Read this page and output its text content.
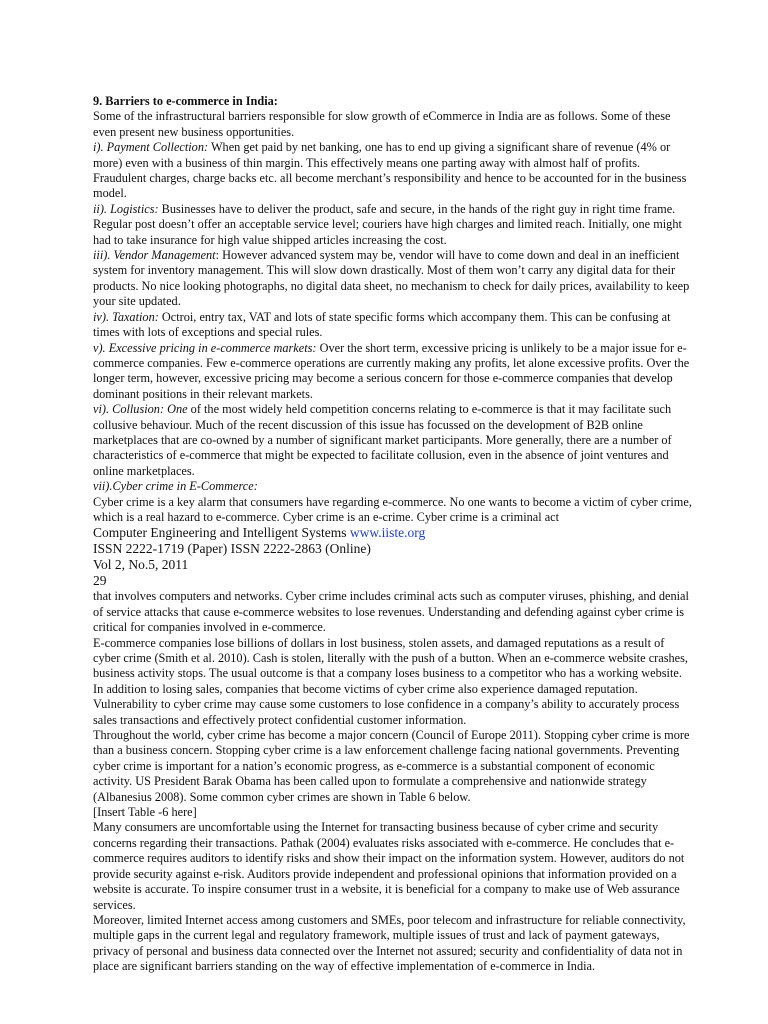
9. Barriers to e-commerce in India:

Some of the infrastructural barriers responsible for slow growth of eCommerce in India are as follows. Some of these even present new business opportunities.

i). Payment Collection: When get paid by net banking, one has to end up giving a significant share of revenue (4% or more) even with a business of thin margin. This effectively means one parting away with almost half of profits. Fraudulent charges, charge backs etc. all become merchant’s responsibility and hence to be accounted for in the business model.

ii). Logistics: Businesses have to deliver the product, safe and secure, in the hands of the right guy in right time frame. Regular post doesn’t offer an acceptable service level; couriers have high charges and limited reach. Initially, one might had to take insurance for high value shipped articles increasing the cost.

iii). Vendor Management: However advanced system may be, vendor will have to come down and deal in an inefficient system for inventory management. This will slow down drastically. Most of them won’t carry any digital data for their products. No nice looking photographs, no digital data sheet, no mechanism to check for daily prices, availability to keep your site updated.

iv). Taxation: Octroi, entry tax, VAT and lots of state specific forms which accompany them. This can be confusing at times with lots of exceptions and special rules.

v). Excessive pricing in e-commerce markets: Over the short term, excessive pricing is unlikely to be a major issue for e-commerce companies. Few e-commerce operations are currently making any profits, let alone excessive profits. Over the longer term, however, excessive pricing may become a serious concern for those e-commerce companies that develop dominant positions in their relevant markets.

vi). Collusion: One of the most widely held competition concerns relating to e-commerce is that it may facilitate such collusive behaviour. Much of the recent discussion of this issue has focussed on the development of B2B online marketplaces that are co-owned by a number of significant market participants. More generally, there are a number of characteristics of e-commerce that might be expected to facilitate collusion, even in the absence of joint ventures and online marketplaces.

vii).Cyber crime in E-Commerce:

Cyber crime is a key alarm that consumers have regarding e-commerce. No one wants to become a victim of cyber crime, which is a real hazard to e-commerce. Cyber crime is an e-crime. Cyber crime is a criminal act

Computer Engineering and Intelligent Systems www.iiste.org

ISSN 2222-1719 (Paper) ISSN 2222-2863 (Online)

Vol 2, No.5, 2011

29

that involves computers and networks. Cyber crime includes criminal acts such as computer viruses, phishing, and denial of service attacks that cause e-commerce websites to lose revenues. Understanding and defending against cyber crime is critical for companies involved in e-commerce.

E-commerce companies lose billions of dollars in lost business, stolen assets, and damaged reputations as a result of cyber crime (Smith et al. 2010). Cash is stolen, literally with the push of a button. When an e-commerce website crashes, business activity stops. The usual outcome is that a company loses business to a competitor who has a working website. In addition to losing sales, companies that become victims of cyber crime also experience damaged reputation. Vulnerability to cyber crime may cause some customers to lose confidence in a company’s ability to accurately process sales transactions and effectively protect confidential customer information.

Throughout the world, cyber crime has become a major concern (Council of Europe 2011). Stopping cyber crime is more than a business concern. Stopping cyber crime is a law enforcement challenge facing national governments. Preventing cyber crime is important for a nation’s economic progress, as e-commerce is a substantial component of economic activity. US President Barak Obama has been called upon to formulate a comprehensive and nationwide strategy (Albanesius 2008). Some common cyber crimes are shown in Table 6 below.

[Insert Table -6 here]

Many consumers are uncomfortable using the Internet for transacting business because of cyber crime and security concerns regarding their transactions. Pathak (2004) evaluates risks associated with e-commerce. He concludes that e-commerce requires auditors to identify risks and show their impact on the information system. However, auditors do not provide security against e-risk. Auditors provide independent and professional opinions that information provided on a website is accurate. To inspire consumer trust in a website, it is beneficial for a company to make use of Web assurance services.

Moreover, limited Internet access among customers and SMEs, poor telecom and infrastructure for reliable connectivity, multiple gaps in the current legal and regulatory framework, multiple issues of trust and lack of payment gateways, privacy of personal and business data connected over the Internet not assured; security and confidentiality of data not in place are significant barriers standing on the way of effective implementation of e-commerce in India.
